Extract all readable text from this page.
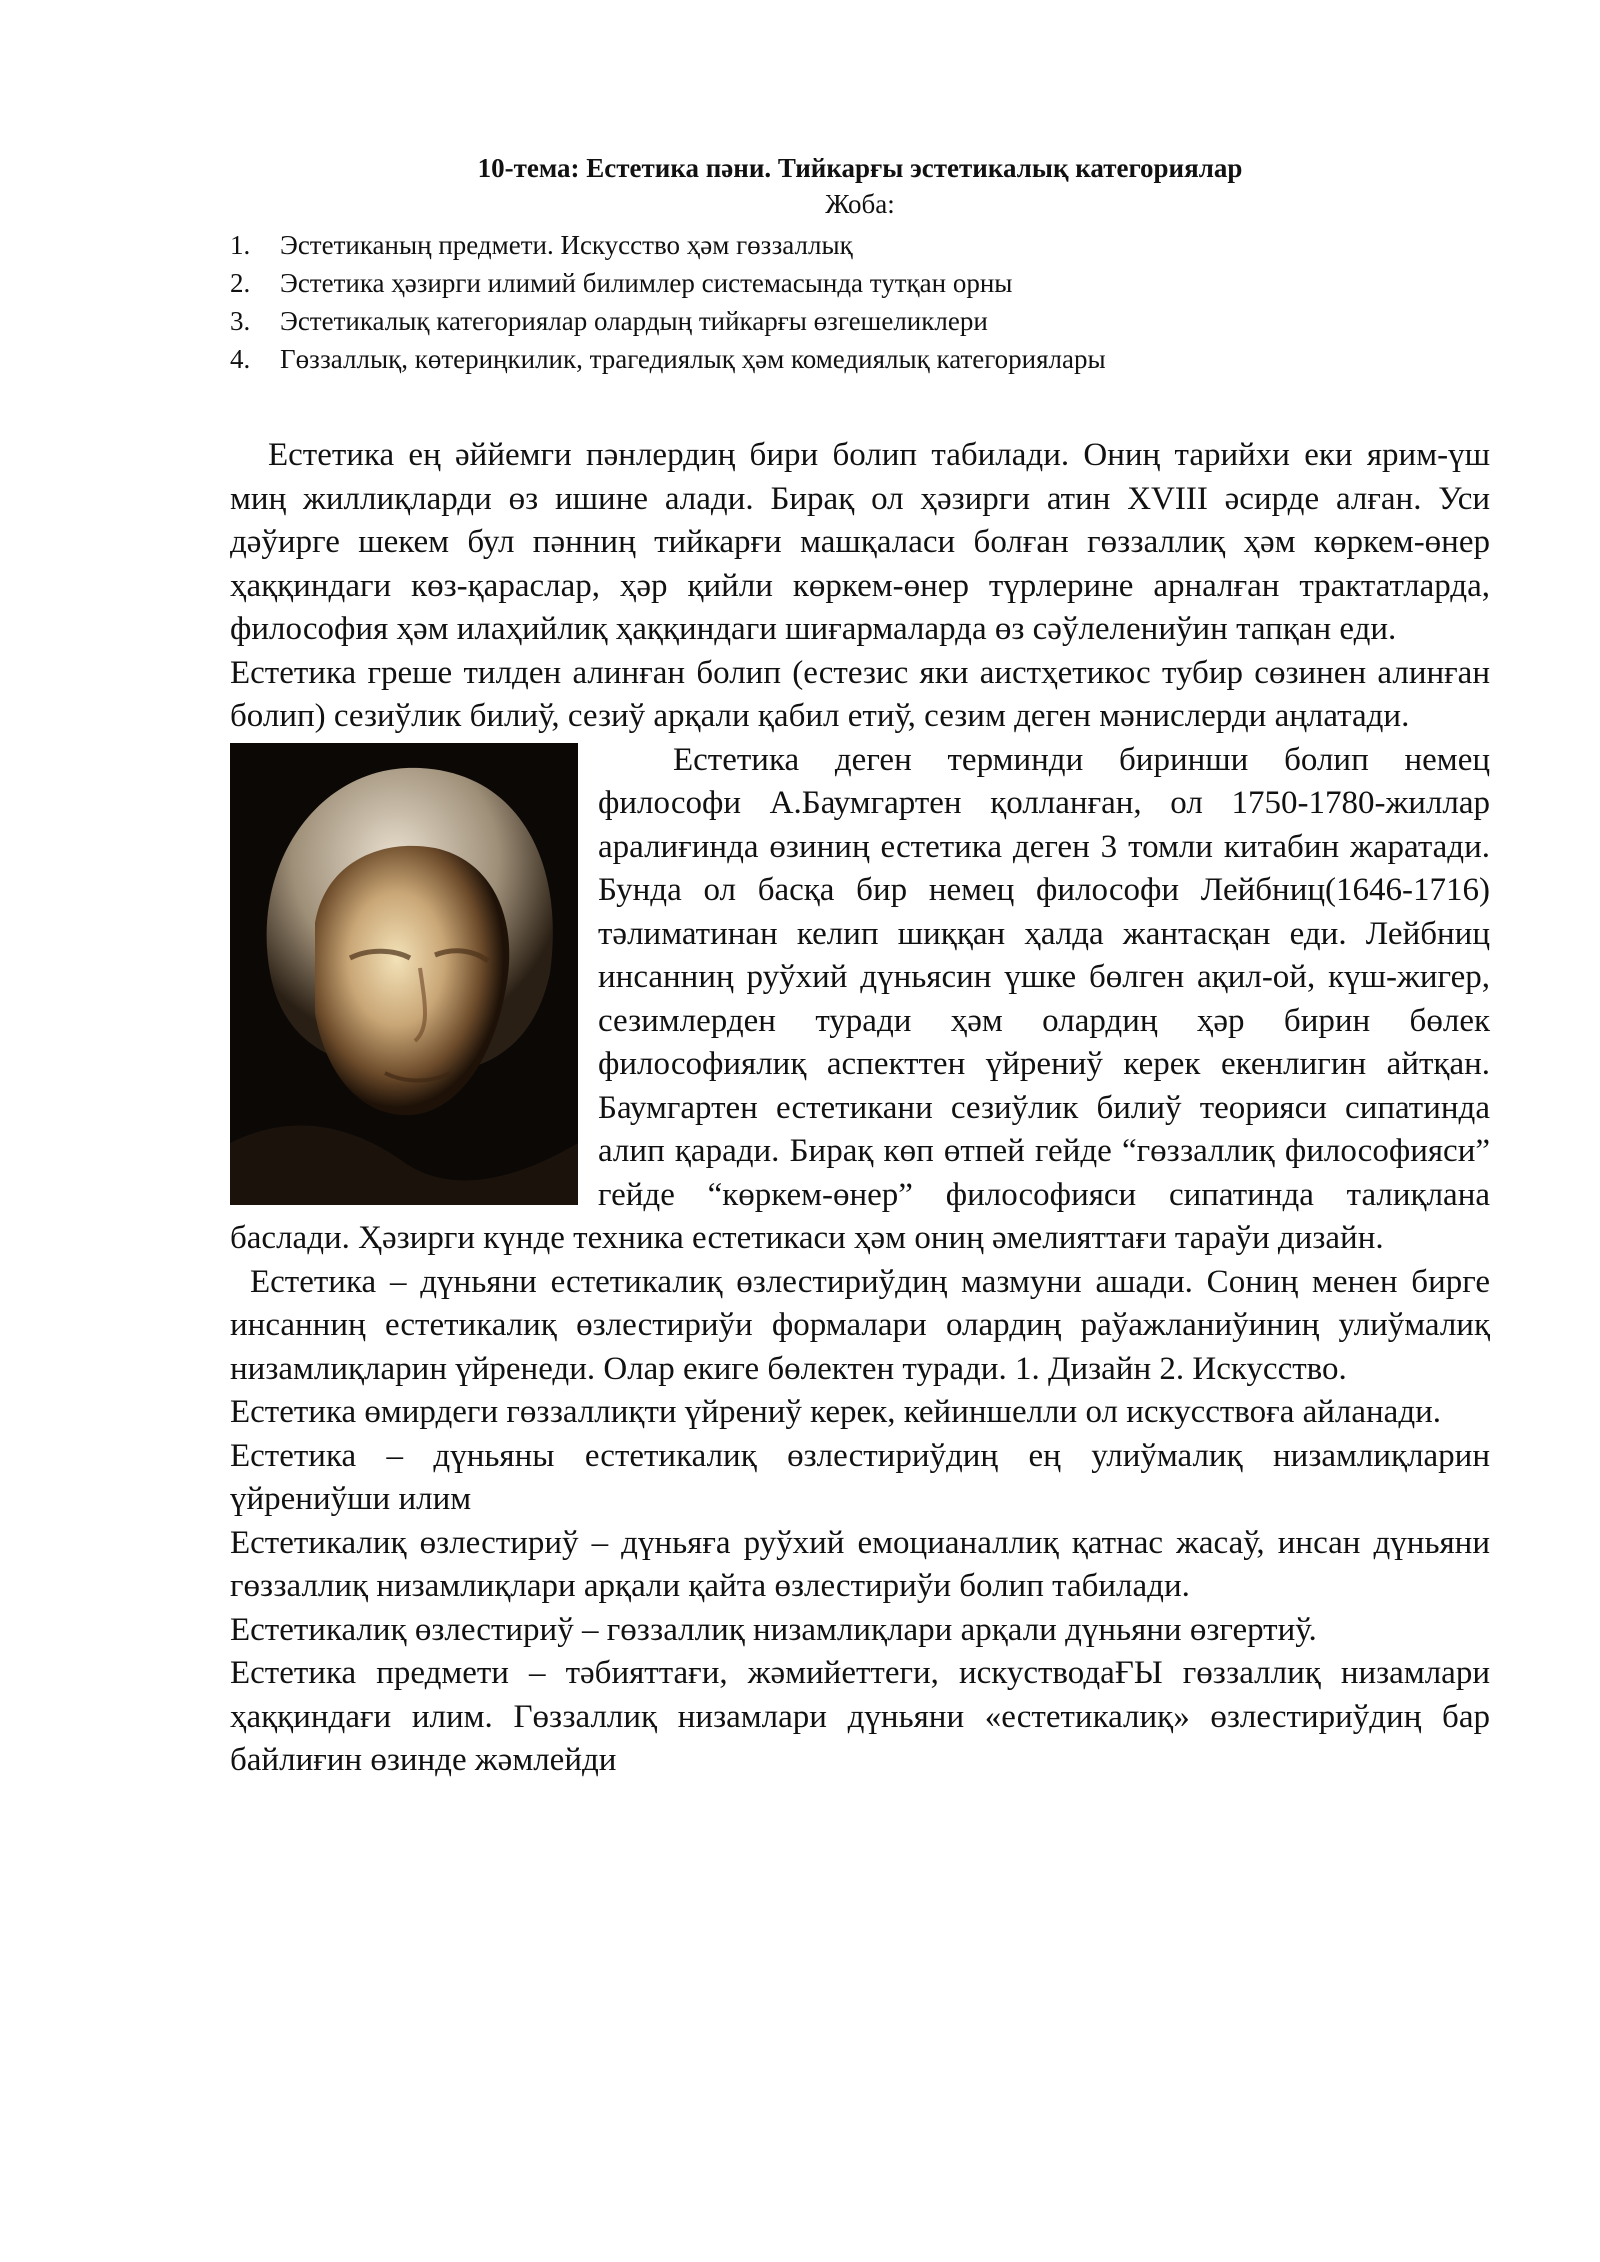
10-тема: Естетика пәни. Тийкарғы эстетикалық категориялар

Жоба:

1.	Эстетиканың предмети. Искусство ҳәм гөззаллық
2.	Эстетика ҳәзирги илимий билимлер системасында тутқан орны
3.	Эстетикалық категориялар олардың тийкарғы өзгешеликлери
4.	Гөззаллық, көтериңкилик, трагедиялық ҳәм комедиялық категориялары

Естетика ең әййемги пәнлердиң бири болип табилади. Ониң тарийхи еки ярим-үш миң жиллиқларди өз ишине алади. Бирақ ол ҳәзирги атин XVIII әсирде алған. Уси дәўирге шекем бул пәнниң тийкарғи машқаласи болған гөззаллиқ ҳәм көркем-өнер ҳаққиндаги көз-қараслар, ҳәр қийли көркем-өнер түрлерине арналған трактатларда, философия ҳәм илаҳийлиқ ҳаққиндаги шиғармаларда өз сәўлелениўин тапқан еди.

Естетика греше тилден алинған болип (естезис яки аистҳетикос тубир сөзинен алинған болип) сезиўлик билиў, сезиў арқали қабил етиў, сезим деген мәнислерди аңлатади.

Естетика деген терминди биринши болип немец философи А.Баумгартен қолланған, ол 1750-1780-жиллар аралиғинда өзиниң естетика деген 3 томли китабин жаратади. Бунда ол басқа бир немец философи Лейбниц(1646-1716) тәлиматинан келип шиққан ҳалда жантасқан еди. Лейбниц инсанниң руўхий дүньясин үшке бөлген ақил-ой, күш-жигер, сезимлерден туради ҳәм олардиң ҳәр бирин бөлек философиялиқ аспекттен үйрениў керек екенлигин айтқан. Баумгартен естетикани сезиўлик билиў теорияси сипатинда алип қаради. Бирақ көп өтпей гейде “гөззаллиқ философияси” гейде “көркем-өнер” философияси сипатинда талиқлана баслади. Ҳәзирги күнде техника естетикаси ҳәм ониң әмелияттағи тараўи дизайн.

Естетика – дүньяни естетикалиқ өзлестириўдиң мазмуни ашади. Сониң менен бирге инсанниң естетикалиқ өзлестириўи формалари олардиң раўажланиўиниң улиўмалиқ низамлиқларин үйренеди. Олар екиге бөлектен туради. 1. Дизайн 2. Искусство.

Естетика өмирдеги гөззаллиқти үйрениў керек, кейиншелли ол искусствоға айланади.

Естетика – дүньяны естетикалиқ өзлестириўдиң ең улиўмалиқ низамлиқларин үйрениўши илим

Естетикалиқ өзлестириў – дүньяға руўхий емоцианаллиқ қатнас жасаў, инсан дүньяни гөззаллиқ низамлиқлари арқали қайта өзлестириўи болип табилади.

Естетикалиқ өзлестириў – гөззаллиқ низамлиқлари арқали дүньяни өзгертиў.

Естетика предмети – тәбияттағи, жәмийеттеги, искуcтводаҒЫ гөззаллиқ низамлари ҳаққиндағи илим. Гөззаллиқ низамлари дүньяни «естетикалиқ» өзлестириўдиң бар байлиғин өзинде жәмлейди
